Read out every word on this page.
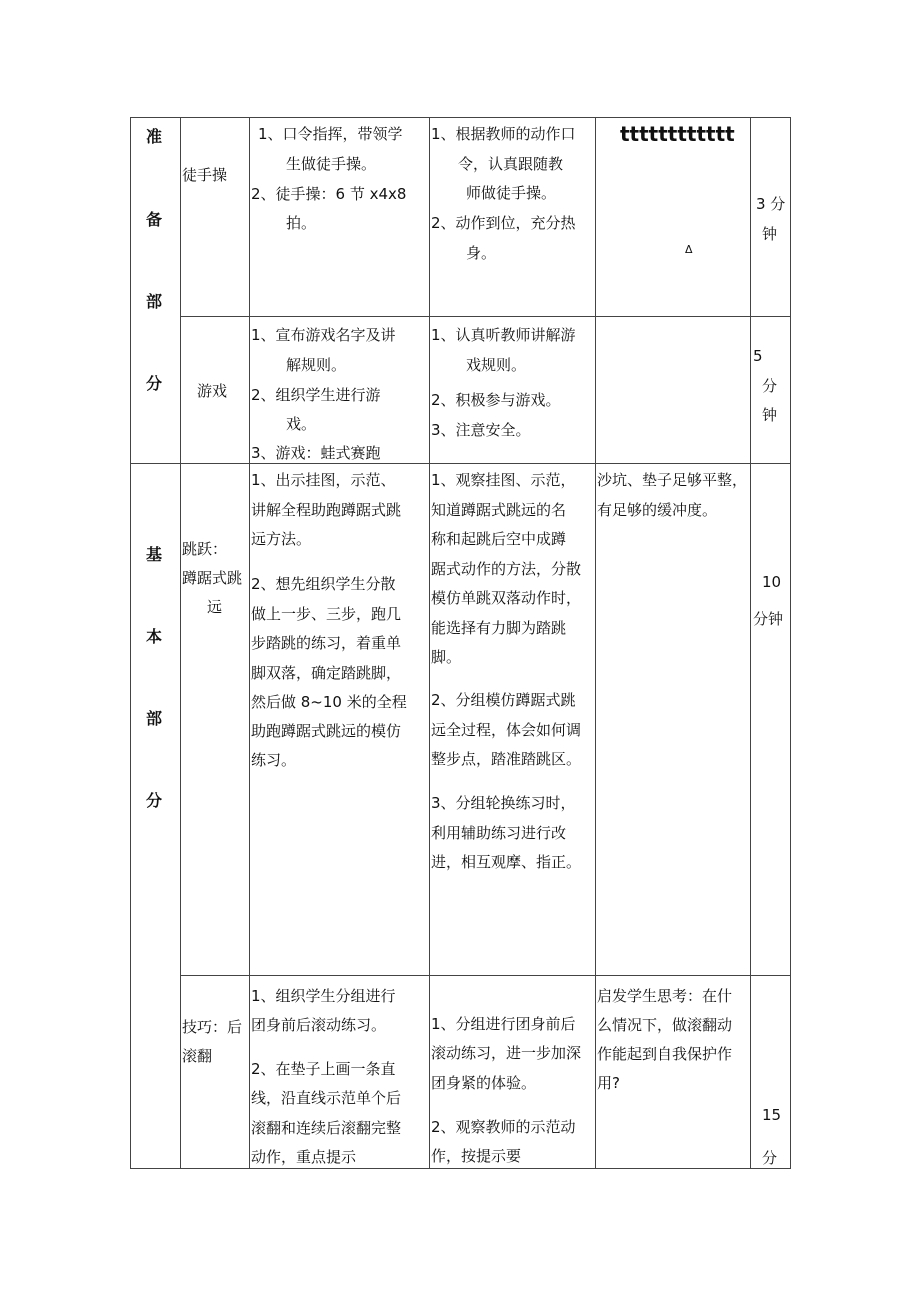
准
备
部
分
基
本
部
分
徒手操
1、口令指挥，带领学
生做徒手操。
2、徒手操：6 节 x4x8
拍。
1、根据教师的动作口
令，认真跟随教
师做徒手操。
2、动作到位，充分热
身。
tttttttttttt
Δ
3 分
钟
游戏
1、宣布游戏名字及讲
解规则。
2、组织学生进行游
戏。
3、游戏：蛙式赛跑
1、认真听教师讲解游
戏规则。
2、积极参与游戏。
3、注意安全。
5
分
钟
跳跃：
蹲踞式跳
远
1、出示挂图，示范、
讲解全程助跑蹲踞式跳
远方法。
2、想先组织学生分散
做上一步、三步，跑几
步踏跳的练习，着重单
脚双落，确定踏跳脚，
然后做 8~10 米的全程
助跑蹲踞式跳远的模仿
练习。
1、观察挂图、示范，
知道蹲踞式跳远的名
称和起跳后空中成蹲
踞式动作的方法，分散
模仿单跳双落动作时，
能选择有力脚为踏跳
脚。
2、分组模仿蹲踞式跳
远全过程，体会如何调
整步点，踏准踏跳区。
3、分组轮换练习时，
利用辅助练习进行改
进，相互观摩、指正。
沙坑、垫子足够平整，
有足够的缓冲度。
10
分钟
技巧：后
滚翻
1、组织学生分组进行
团身前后滚动练习。
2、在垫子上画一条直
线，沿直线示范单个后
滚翻和连续后滚翻完整
动作，重点提示
1、分组进行团身前后
滚动练习，进一步加深
团身紧的体验。
2、观察教师的示范动
作，按提示要
启发学生思考：在什
么情况下，做滚翻动
作能起到自我保护作
用?
15
分
